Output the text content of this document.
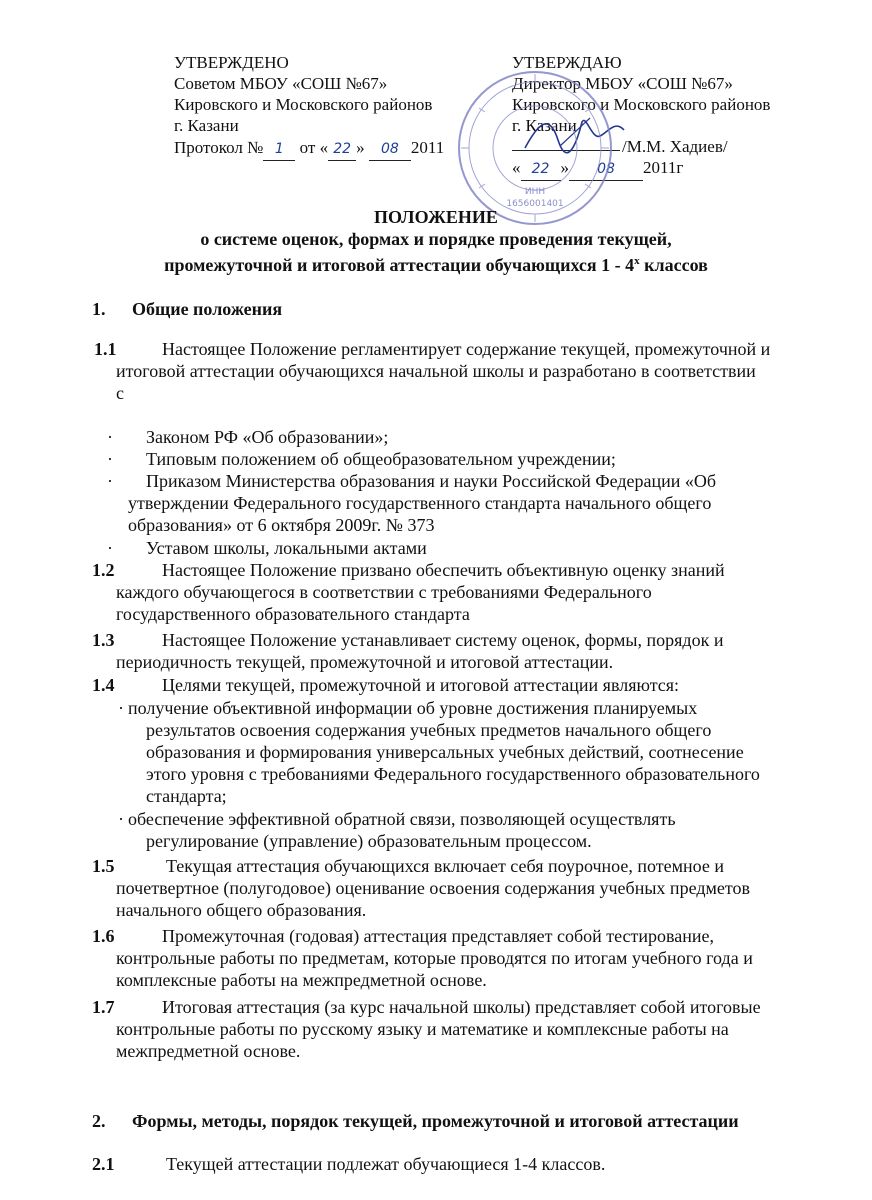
УТВЕРЖДЕНО
Советом МБОУ «СОШ №67»
Кировского и Московского районов
г. Казани
Протокол № 1 от « 22 » 08 2011
УТВЕРЖДАЮ
Директор МБОУ «СОШ №67»
Кировского и Московского районов
г. Казани
/М.М. Хадиев/
« 22 » 08 2011г
ИНН
1656001401
ПОЛОЖЕНИЕ
о системе оценок, формах и порядке проведения текущей,
промежуточной и итоговой аттестации обучающихся $1 - 4^х$ классов
1. Общие положения
1.1	Настоящее Положение регламентирует содержание текущей, промежуточной и
итоговой аттестации обучающихся начальной школы и разработано в соответствии
с
· Законом РФ «Об образовании»;
· Типовым положением об общеобразовательном учреждении;
· Приказом Министерства образования и науки Российской Федерации «Об
утверждении Федерального государственного стандарта начального общего
образования» от 6 октября 2009г. № 373
· Уставом школы, локальными актами
1.2	Настоящее Положение призвано обеспечить объективную оценку знаний
каждого обучающегося в соответствии с требованиями Федерального
государственного образовательного стандарта
1.3	Настоящее Положение устанавливает систему оценок, формы, порядок и
периодичность текущей, промежуточной и итоговой аттестации.
1.4	Целями текущей, промежуточной и итоговой аттестации являются:
· получение объективной информации об уровне достижения планируемых
результатов освоения содержания учебных предметов начального общего
образования и формирования универсальных учебных действий, соотнесение
этого уровня с требованиями Федерального государственного образовательного
стандарта;
· обеспечение эффективной обратной связи, позволяющей осуществлять
регулирование (управление) образовательным процессом.
1.5	Текущая аттестация обучающихся включает себя поурочное, потемное и
почетвертное (полугодовое) оценивание освоения содержания учебных предметов
начального общего образования.
1.6	Промежуточная (годовая) аттестация представляет собой тестирование,
контрольные работы по предметам, которые проводятся по итогам учебного года и
комплексные работы на межпредметной основе.
1.7	Итоговая аттестация (за курс начальной школы) представляет собой итоговые
контрольные работы по русскому языку и математике и комплексные работы на
межпредметной основе.
2. Формы, методы, порядок текущей, промежуточной и итоговой аттестации
2.1	Текущей аттестации подлежат обучающиеся 1-4 классов.
